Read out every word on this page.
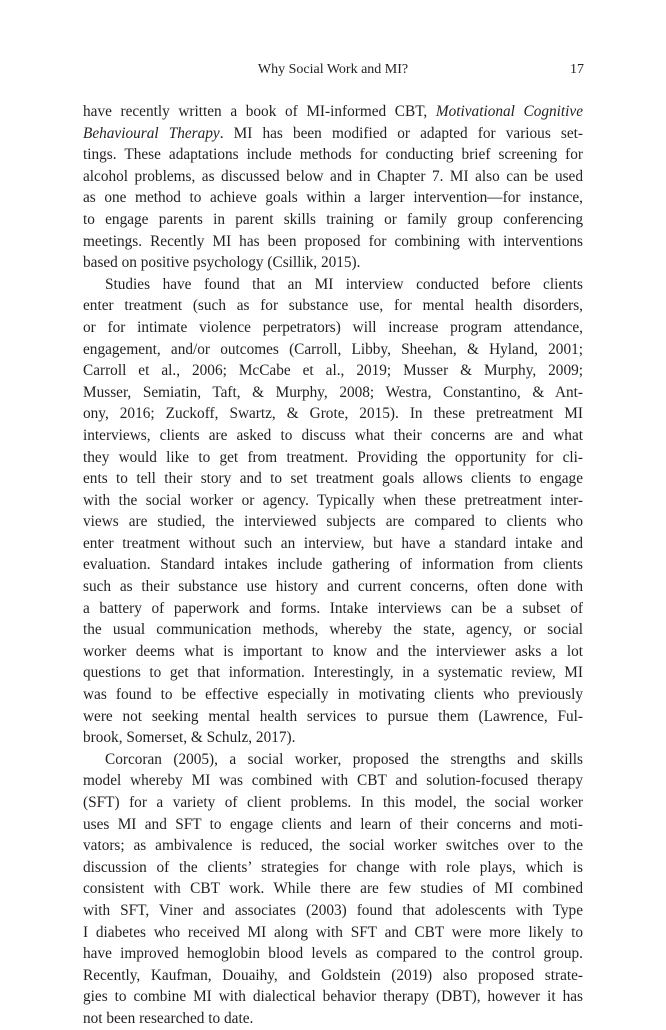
Why Social Work and MI?	17
have recently written a book of MI-informed CBT, Motivational Cognitive
Behavioural Therapy. MI has been modified or adapted for various set-
tings. These adaptations include methods for conducting brief screening for
alcohol problems, as discussed below and in Chapter 7. MI also can be used
as one method to achieve goals within a larger intervention—for instance,
to engage parents in parent skills training or family group conferencing
meetings. Recently MI has been proposed for combining with interventions
based on positive psychology (Csillik, 2015).
Studies have found that an MI interview conducted before clients
enter treatment (such as for substance use, for mental health disorders,
or for intimate violence perpetrators) will increase program attendance,
engagement, and/or outcomes (Carroll, Libby, Sheehan, & Hyland, 2001;
Carroll et al., 2006; McCabe et al., 2019; Musser & Murphy, 2009;
Musser, Semiatin, Taft, & Murphy, 2008; Westra, Constantino, & Ant-
ony, 2016; Zuckoff, Swartz, & Grote, 2015). In these pretreatment MI
interviews, clients are asked to discuss what their concerns are and what
they would like to get from treatment. Providing the opportunity for cli-
ents to tell their story and to set treatment goals allows clients to engage
with the social worker or agency. Typically when these pretreatment inter-
views are studied, the interviewed subjects are compared to clients who
enter treatment without such an interview, but have a standard intake and
evaluation. Standard intakes include gathering of information from clients
such as their substance use history and current concerns, often done with
a battery of paperwork and forms. Intake interviews can be a subset of
the usual communication methods, whereby the state, agency, or social
worker deems what is important to know and the interviewer asks a lot
questions to get that information. Interestingly, in a systematic review, MI
was found to be effective especially in motivating clients who previously
were not seeking mental health services to pursue them (Lawrence, Ful-
brook, Somerset, & Schulz, 2017).
Corcoran (2005), a social worker, proposed the strengths and skills
model whereby MI was combined with CBT and solution-focused therapy
(SFT) for a variety of client problems. In this model, the social worker
uses MI and SFT to engage clients and learn of their concerns and moti-
vators; as ambivalence is reduced, the social worker switches over to the
discussion of the clients’ strategies for change with role plays, which is
consistent with CBT work. While there are few studies of MI combined
with SFT, Viner and associates (2003) found that adolescents with Type
I diabetes who received MI along with SFT and CBT were more likely to
have improved hemoglobin blood levels as compared to the control group.
Recently, Kaufman, Douaihy, and Goldstein (2019) also proposed strate-
gies to combine MI with dialectical behavior therapy (DBT), however it has
not been researched to date.
